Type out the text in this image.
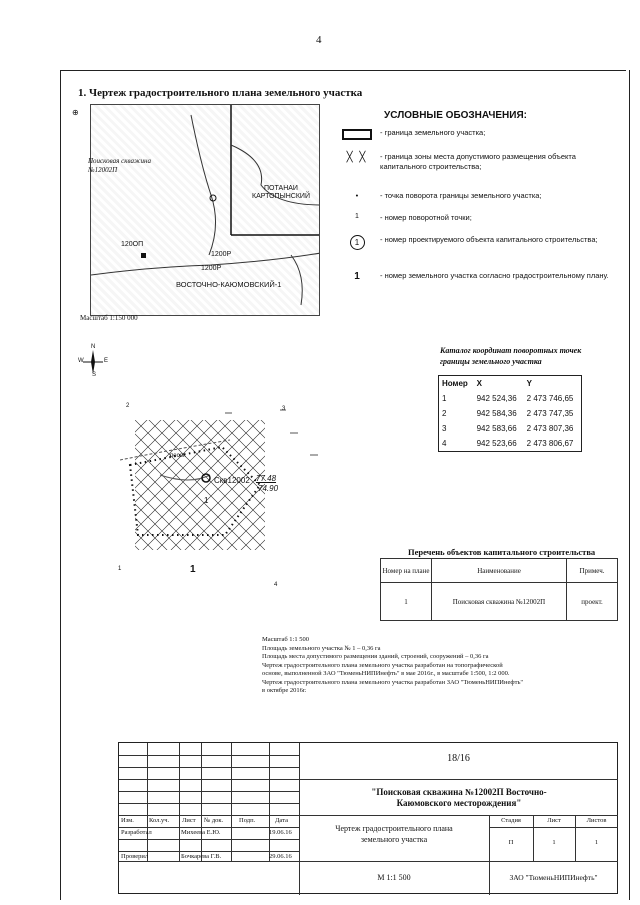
4
1. Чертеж градостроительного плана земельного участка
⊕
ПОТАНАИ КАРТОПЫНСКИЙ
120ОП
1200Р
1200Р
ВОСТОЧНО-КАЮМОВСКИЙ-1
Поисковая скважина №12002П
Масштаб 1:150 000
УСЛОВНЫЕ ОБОЗНАЧЕНИЯ:
- граница земельного участка;
╳ ╳	- граница зоны места допустимого размещения объекта капитального строительства;
•	- точка поворота границы земельного участка;
1	- номер поворотной точки;
1	- номер проектируемого объекта капитального строительства;
1	- номер земельного участка согласно градостроительному плану.
N
W	E
S
2	3
1
4
песок
Скв12002 77.48
74.90
1
1
Каталог координат поворотных точек границы земельного участка
Номер	X	Y
1	942 524,36	2 473 746,65
2	942 584,36	2 473 747,35
3	942 583,66	2 473 807,36
4	942 523,66	2 473 806,67
Перечень объектов капитального строительства
Номер на плане	Наименование	Примеч.
1	Поисковая скважина №12002П	проект.
Масштаб 1:1 500
Площадь земельного участка № 1 – 0,36 га
Площадь места допустимого размещения зданий, строений, сооружений – 0,36 га
Чертеж градостроительного плана земельного участка разработан на топографической
основе, выполненной ЗАО "ТюменьНИПИнефть" в мае 2016г., в масштабе 1:500, 1:2 000.
Чертеж градостроительного плана земельного участка разработан ЗАО "ТюменьНИПИнефть"
в октябре 2016г.
18/16
"Поисковая скважина №12002П Восточно-Каюмовского месторождения"
Изм. Кол.уч. Лист № док. Подп.	Дата
Разработал	Михеева Е.Ю.	19.06.16
Проверил	Бочкарева Г.В.	29.06.16
Чертеж градостроительного плана земельного участка
Стадия	Лист	Листов
П	1	1
М 1:1 500	ЗАО "ТюменьНИПИнефть"
